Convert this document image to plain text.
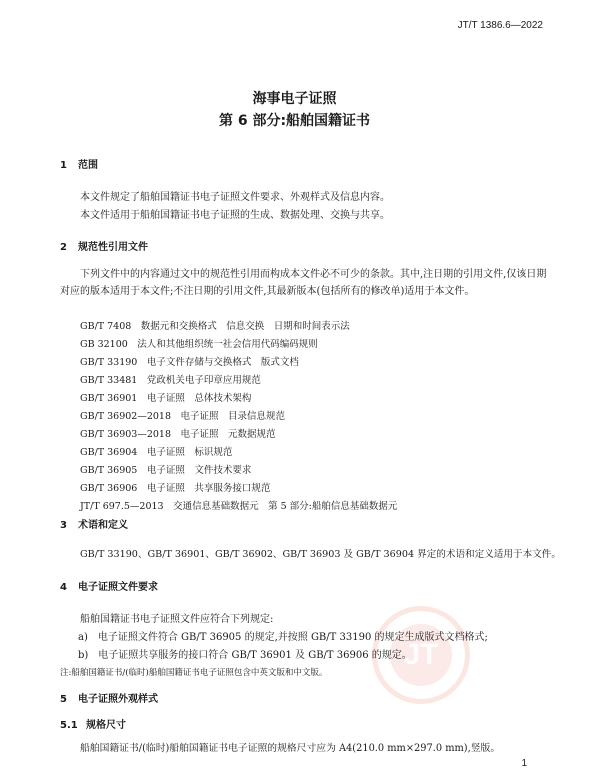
JT/T 1386.6—2022
海事电子证照
第 6 部分:船舶国籍证书
1 范围
本文件规定了船舶国籍证书电子证照文件要求、外观样式及信息内容。
本文件适用于船舶国籍证书电子证照的生成、数据处理、交换与共享。
2 规范性引用文件
下列文件中的内容通过文中的规范性引用而构成本文件必不可少的条款。其中,注日期的引用文件,仅该日期对应的版本适用于本文件;不注日期的引用文件,其最新版本(包括所有的修改单)适用于本文件。
GB/T 7408　数据元和交换格式　信息交换　日期和时间表示法
GB 32100　法人和其他组织统一社会信用代码编码规则
GB/T 33190　电子文件存储与交换格式　版式文档
GB/T 33481　党政机关电子印章应用规范
GB/T 36901　电子证照　总体技术架构
GB/T 36902—2018　电子证照　目录信息规范
GB/T 36903—2018　电子证照　元数据规范
GB/T 36904　电子证照　标识规范
GB/T 36905　电子证照　文件技术要求
GB/T 36906　电子证照　共享服务接口规范
JT/T 697.5—2013　交通信息基础数据元　第 5 部分:船舶信息基础数据元
3 术语和定义
GB/T 33190、GB/T 36901、GB/T 36902、GB/T 36903 及 GB/T 36904 界定的术语和定义适用于本文件。
4 电子证照文件要求
JT
船舶国籍证书电子证照文件应符合下列规定:
a)　电子证照文件符合 GB/T 36905 的规定,并按照 GB/T 33190 的规定生成版式文档格式;
b)　电子证照共享服务的接口符合 GB/T 36901 及 GB/T 36906 的规定。
注:船舶国籍证书/(临时)船舶国籍证书电子证照包含中英文版和中文版。
5 电子证照外观样式
5.1 规格尺寸
船舶国籍证书/(临时)船舶国籍证书电子证照的规格尺寸应为 A4(210.0 mm×297.0 mm),竖版。
1
